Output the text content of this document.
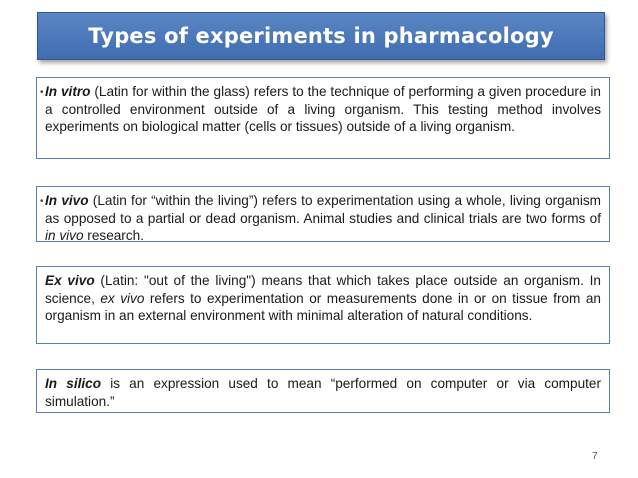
Types of experiments in pharmacology
• In vitro (Latin for within the glass) refers to the technique of performing a given procedure in a controlled environment outside of a living organism. This testing method involves experiments on biological matter (cells or tissues) outside of a living organism.

• In vivo (Latin for “within the living”) refers to experimentation using a whole, living organism as opposed to a partial or dead organism. Animal studies and clinical trials are two forms of in vivo research.

Ex vivo (Latin: "out of the living") means that which takes place outside an organism. In science, ex vivo refers to experimentation or measurements done in or on tissue from an organism in an external environment with minimal alteration of natural conditions.

In silico is an expression used to mean “performed on computer or via computer simulation.”

7
